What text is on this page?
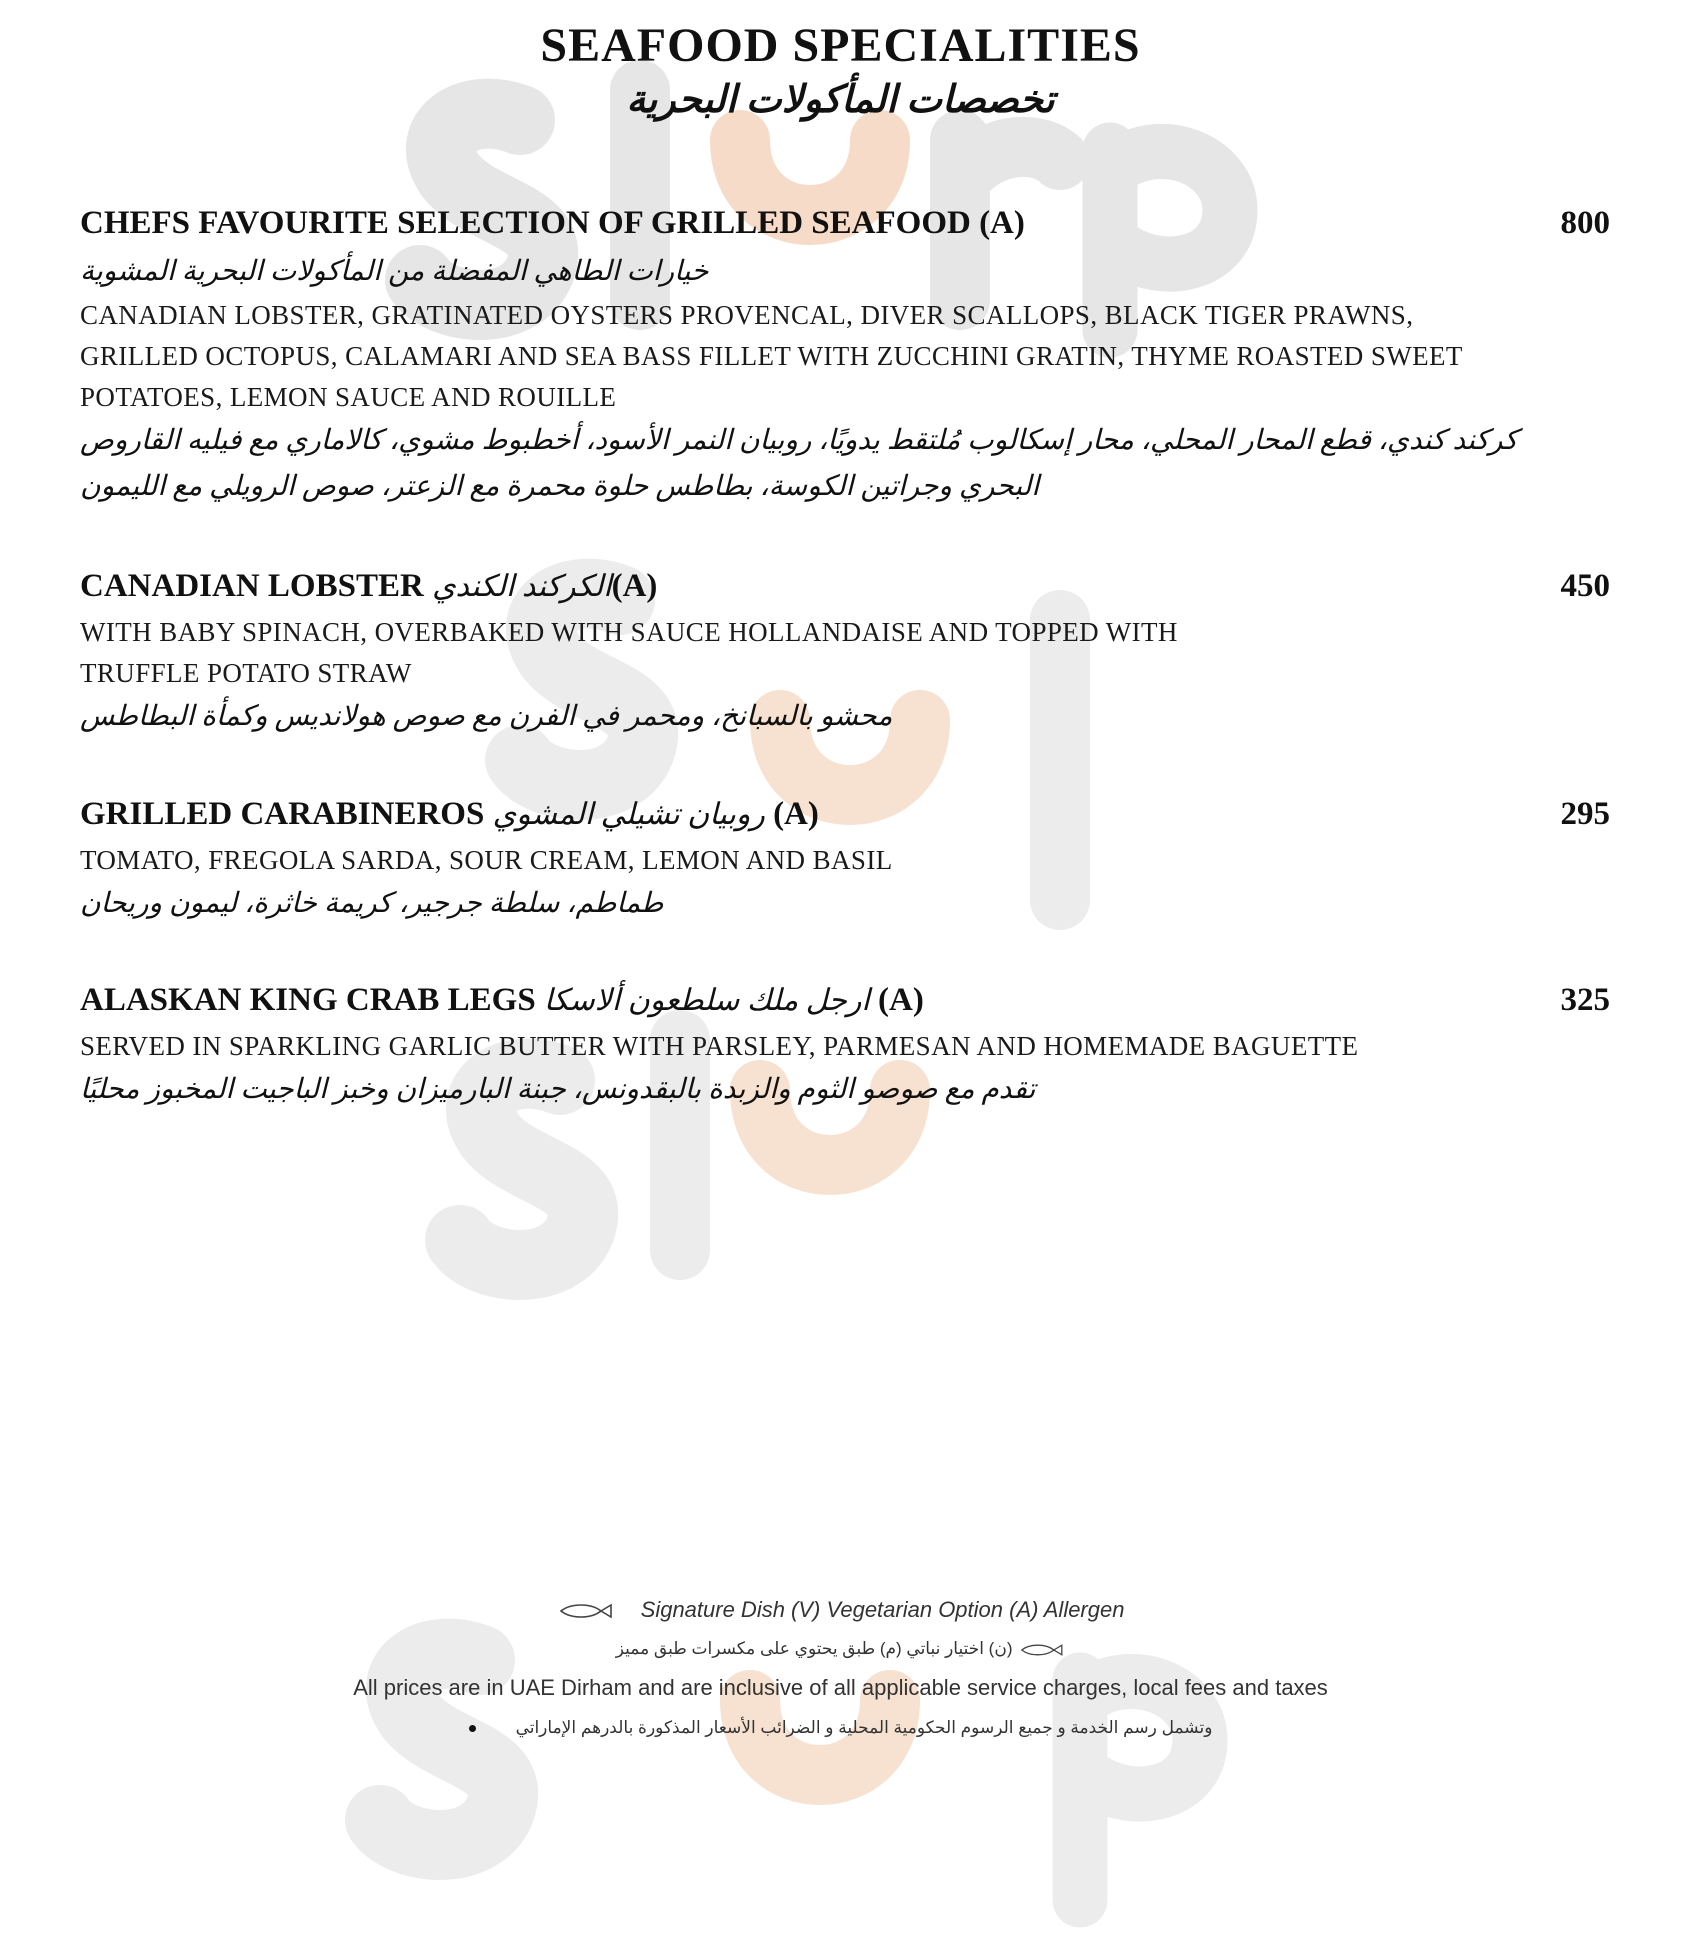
SEAFOOD SPECIALITIES
تخصصات المأكولات البحرية
CHEFS FAVOURITE SELECTION OF GRILLED SEAFOOD (A)	800
خيارات الطاهي المفضلة من المأكولات البحرية المشوية
CANADIAN LOBSTER, GRATINATED OYSTERS PROVENCAL, DIVER SCALLOPS, BLACK TIGER PRAWNS,
GRILLED OCTOPUS, CALAMARI AND SEA BASS FILLET WITH ZUCCHINI GRATIN, THYME ROASTED SWEET
POTATOES, LEMON SAUCE AND ROUILLE
كركند كندي، قطع المحار المحلي، محار إسكالوب مُلتقط يدويًا، روبيان النمر الأسود، أخطبوط مشوي، كالاماري مع فيليه القاروص
البحري وجراتين الكوسة، بطاطس حلوة محمرة مع الزعتر، صوص الرويلي مع الليمون
CANADIAN LOBSTER الكركند الكندي(A)	450
WITH BABY SPINACH, OVERBAKED WITH SAUCE HOLLANDAISE AND TOPPED WITH
TRUFFLE POTATO STRAW
محشو بالسبانخ، ومحمر في الفرن مع صوص هولانديس وكمأة البطاطس
GRILLED CARABINEROS روبيان تشيلي المشوي (A)	295
TOMATO, FREGOLA SARDA, SOUR CREAM, LEMON AND BASIL
طماطم، سلطة جرجير، كريمة خاثرة، ليمون وريحان
ALASKAN KING CRAB LEGS ارجل ملك سلطعون ألاسكا (A)	325
SERVED IN SPARKLING GARLIC BUTTER WITH PARSLEY, PARMESAN AND HOMEMADE BAGUETTE
تقدم مع صوصو الثوم والزبدة بالبقدونس، جبنة البارميزان وخبز الباجيت المخبوز محليًا
Signature Dish (V) Vegetarian Option (A) Allergen
(ن) اختيار نباتي (م) طبق يحتوي على مكسرات طبق مميز
All prices are in UAE Dirham and are inclusive of all applicable service charges, local fees and taxes
وتشمل رسم الخدمة و جميع الرسوم الحكومية المحلية و الضرائب الأسعار المذكورة بالدرهم الإماراتي
